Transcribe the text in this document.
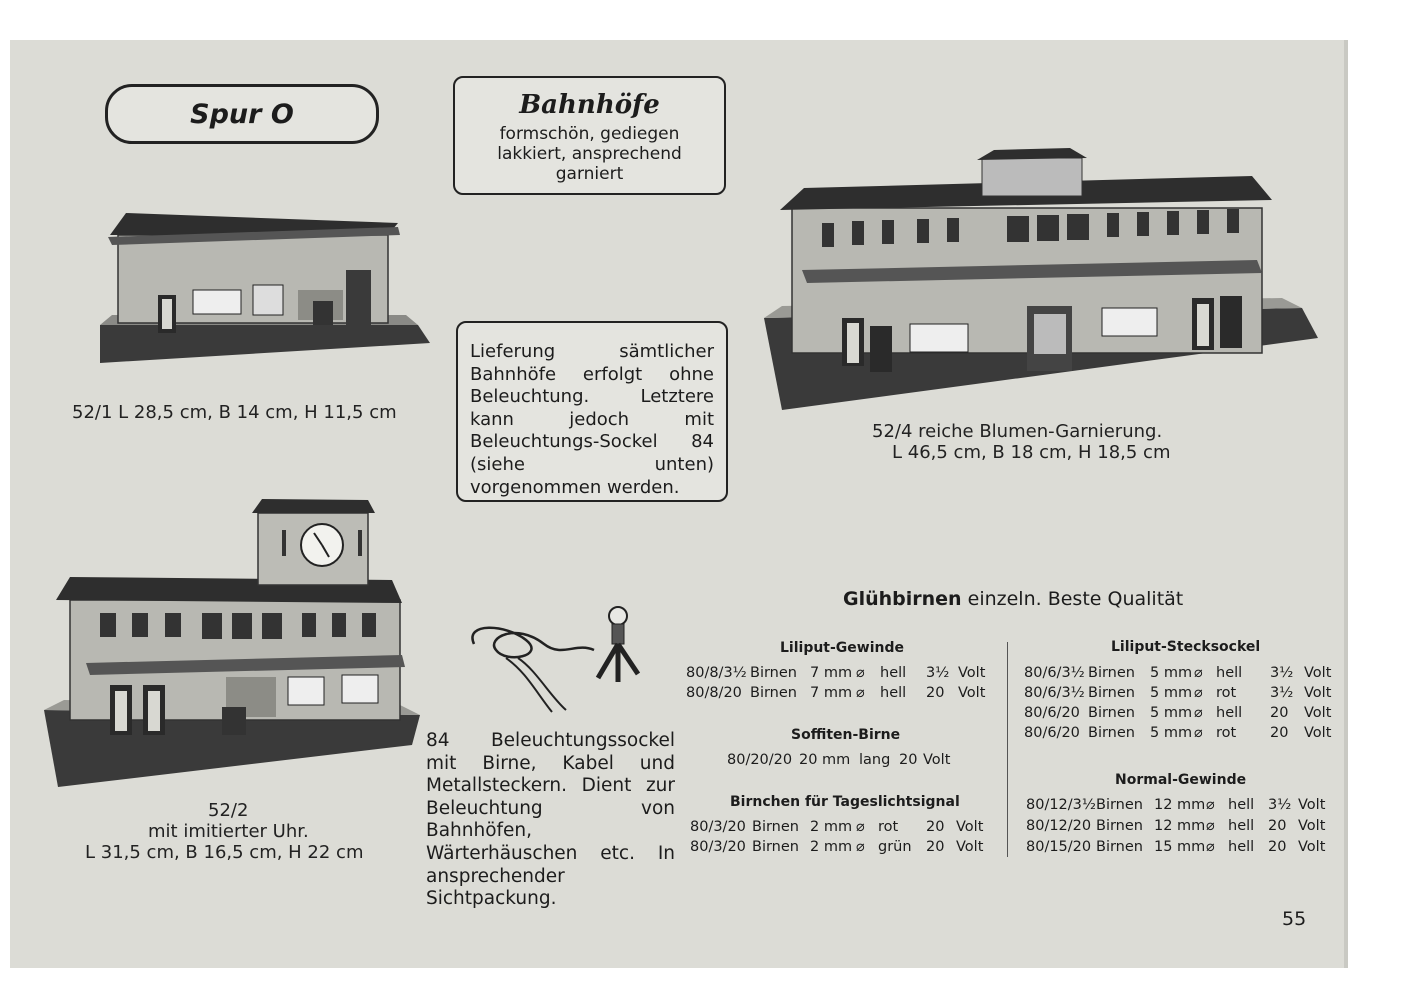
Spur O	Bahnhöfe
formschön, gediegen lakkiert, ansprechend garniert
Lieferung sämtlicher Bahnhöfe erfolgt ohne Beleuchtung. Letztere kann jedoch mit Beleuchtungs-Sockel 84 (siehe unten) vorgenommen werden.
52/1 L 28,5 cm, B 14 cm, H 11,5 cm
52/4 reiche Blumen-Garnierung.
L 46,5 cm, B 18 cm, H 18,5 cm
52/2
mit imitierter Uhr.
L 31,5 cm, B 16,5 cm, H 22 cm
84 Beleuchtungssockel mit Birne, Kabel und Metallsteckern. Dient zur Beleuchtung von Bahnhöfen, Wärterhäuschen etc. In ansprechender Sichtpackung.
Glühbirnen einzeln. Beste Qualität
Liliput-Gewinde
80/8/3½ Birnen 7 mm ⌀	hell	3½ Volt
80/8/20 Birnen 7 mm ⌀	hell	20 Volt
Soffiten-Birne
80/20/20 20 mm lang 20 Volt
Birnchen für Tageslichtsignal
80/3/20 Birnen 2 mm ⌀ rot	20 Volt
80/3/20 Birnen 2 mm ⌀ grün 20 Volt
Liliput-Stecksockel
80/6/3½ Birnen	5 mm ⌀ hell	3½ Volt
80/6/3½ Birnen	5 mm ⌀ rot	3½ Volt
80/6/20 Birnen	5 mm ⌀ hell	20	Volt
80/6/20 Birnen	5 mm ⌀ rot	20	Volt
Normal-Gewinde
80/12/3½ Birnen 12 mm ⌀ hell 3½ Volt
80/12/20 Birnen 12 mm ⌀ hell 20 Volt
80/15/20 Birnen 15 mm ⌀ hell 20 Volt
55
